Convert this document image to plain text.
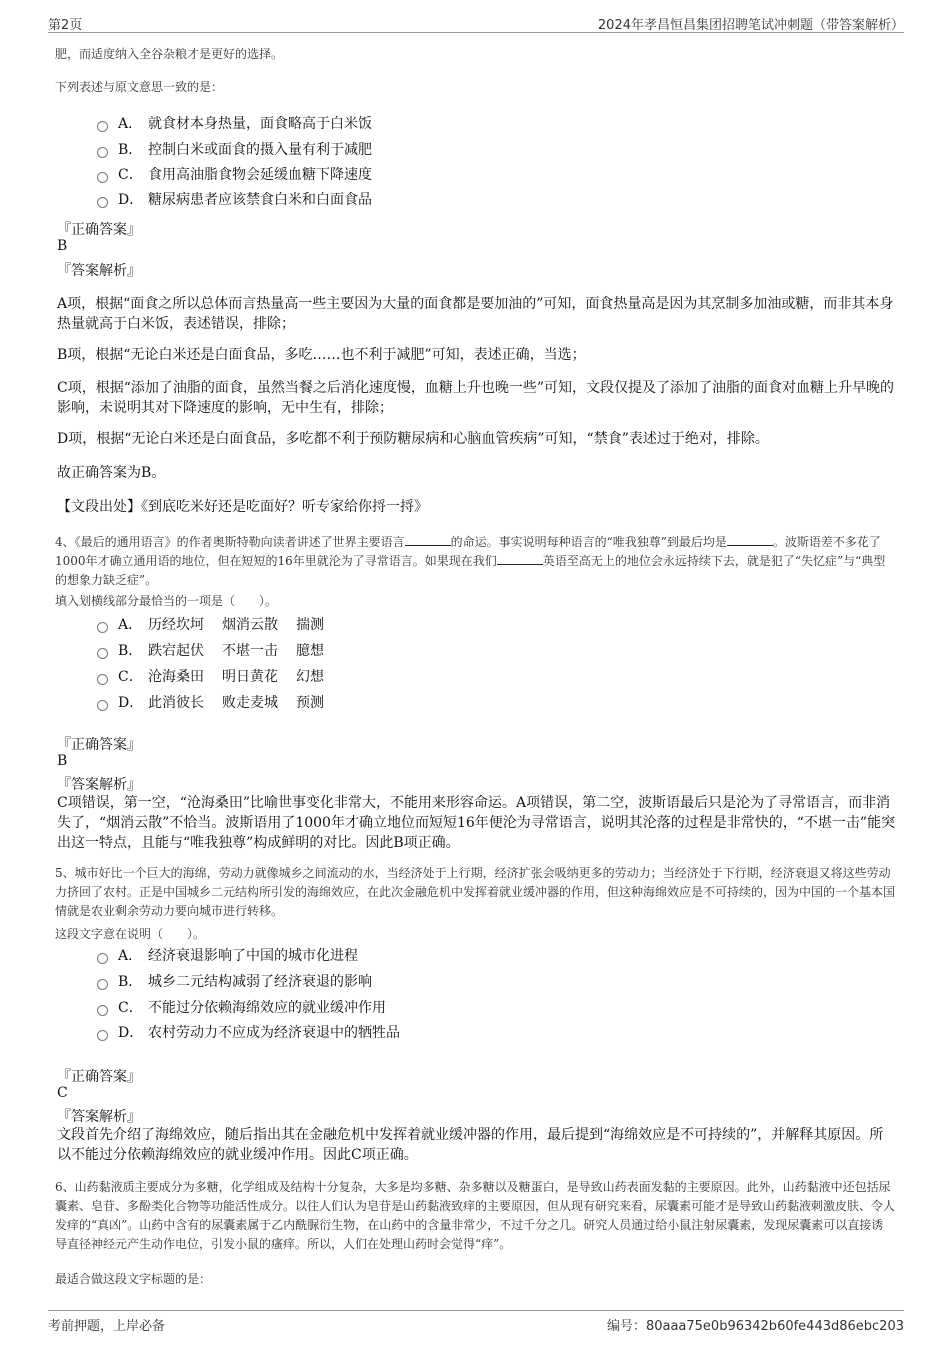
第2页	2024年孝昌恒昌集团招聘笔试冲刺题（带答案解析）
肥，而适度纳入全谷杂粮才是更好的选择。
下列表述与原文意思一致的是：
A． 就食材本身热量，面食略高于白米饭
B． 控制白米或面食的摄入量有利于减肥
C． 食用高油脂食物会延缓血糖下降速度
D． 糖尿病患者应该禁食白米和白面食品
『正确答案』
B
『答案解析』
A项，根据“面食之所以总体而言热量高一些主要因为大量的面食都是要加油的”可知，面食热量高是因为其烹制多加油或糖，而非其本身热量就高于白米饭，表述错误，排除；
B项，根据“无论白米还是白面食品，多吃……也不利于减肥”可知，表述正确，当选；
C项，根据“添加了油脂的面食，虽然当餐之后消化速度慢，血糖上升也晚一些”可知，文段仅提及了添加了油脂的面食对血糖上升早晚的影响，未说明其对下降速度的影响，无中生有，排除；
D项，根据“无论白米还是白面食品，多吃都不利于预防糖尿病和心脑血管疾病”可知，“禁食”表述过于绝对，排除。
故正确答案为B。
【文段出处】《到底吃米好还是吃面好？听专家给你捋一捋》
4、《最后的通用语言》的作者奥斯特勒向读者讲述了世界主要语言	的命运。事实说明每种语言的“唯我独尊”到最后均是	。波斯语差不多花了1000年才确立通用语的地位，但在短短的16年里就沦为了寻常语言。如果现在我们	英语至高无上的地位会永远持续下去，就是犯了“失忆症”与“典型的想象力缺乏症”。
填入划横线部分最恰当的一项是（　　）。
A． 历经坎坷 烟消云散 揣测
B． 跌宕起伏 不堪一击 臆想
C． 沧海桑田 明日黄花 幻想
D． 此消彼长 败走麦城 预测
『正确答案』
B
『答案解析』
C项错误，第一空，“沧海桑田”比喻世事变化非常大，不能用来形容命运。A项错误，第二空，波斯语最后只是沦为了寻常语言，而非消失了，“烟消云散”不恰当。波斯语用了1000年才确立地位而短短16年便沦为寻常语言，说明其沦落的过程是非常快的，“不堪一击”能突出这一特点，且能与“唯我独尊”构成鲜明的对比。因此B项正确。
5、城市好比一个巨大的海绵，劳动力就像城乡之间流动的水，当经济处于上行期，经济扩张会吸纳更多的劳动力；当经济处于下行期，经济衰退又将这些劳动力挤回了农村。正是中国城乡二元结构所引发的海绵效应，在此次金融危机中发挥着就业缓冲器的作用，但这种海绵效应是不可持续的，因为中国的一个基本国情就是农业剩余劳动力要向城市进行转移。
这段文字意在说明（　　）。
A． 经济衰退影响了中国的城市化进程
B． 城乡二元结构减弱了经济衰退的影响
C． 不能过分依赖海绵效应的就业缓冲作用
D． 农村劳动力不应成为经济衰退中的牺牲品
『正确答案』
C
『答案解析』
文段首先介绍了海绵效应，随后指出其在金融危机中发挥着就业缓冲器的作用，最后提到“海绵效应是不可持续的”，并解释其原因。所以不能过分依赖海绵效应的就业缓冲作用。因此C项正确。
6、山药黏液质主要成分为多糖，化学组成及结构十分复杂，大多是均多糖、杂多糖以及糖蛋白，是导致山药表面发黏的主要原因。此外，山药黏液中还包括尿囊素、皂苷、多酚类化合物等功能活性成分。以往人们认为皂苷是山药黏液致痒的主要原因，但从现有研究来看，尿囊素可能才是导致山药黏液刺激皮肤、令人发痒的“真凶”。山药中含有的尿囊素属于乙内酰脲衍生物，在山药中的含量非常少，不过千分之几。研究人员通过给小鼠注射尿囊素，发现尿囊素可以直接诱导直径神经元产生动作电位，引发小鼠的瘙痒。所以，人们在处理山药时会觉得“痒”。
最适合做这段文字标题的是：
考前押题，上岸必备	编号：80aaa75e0b96342b60fe443d86ebc203
